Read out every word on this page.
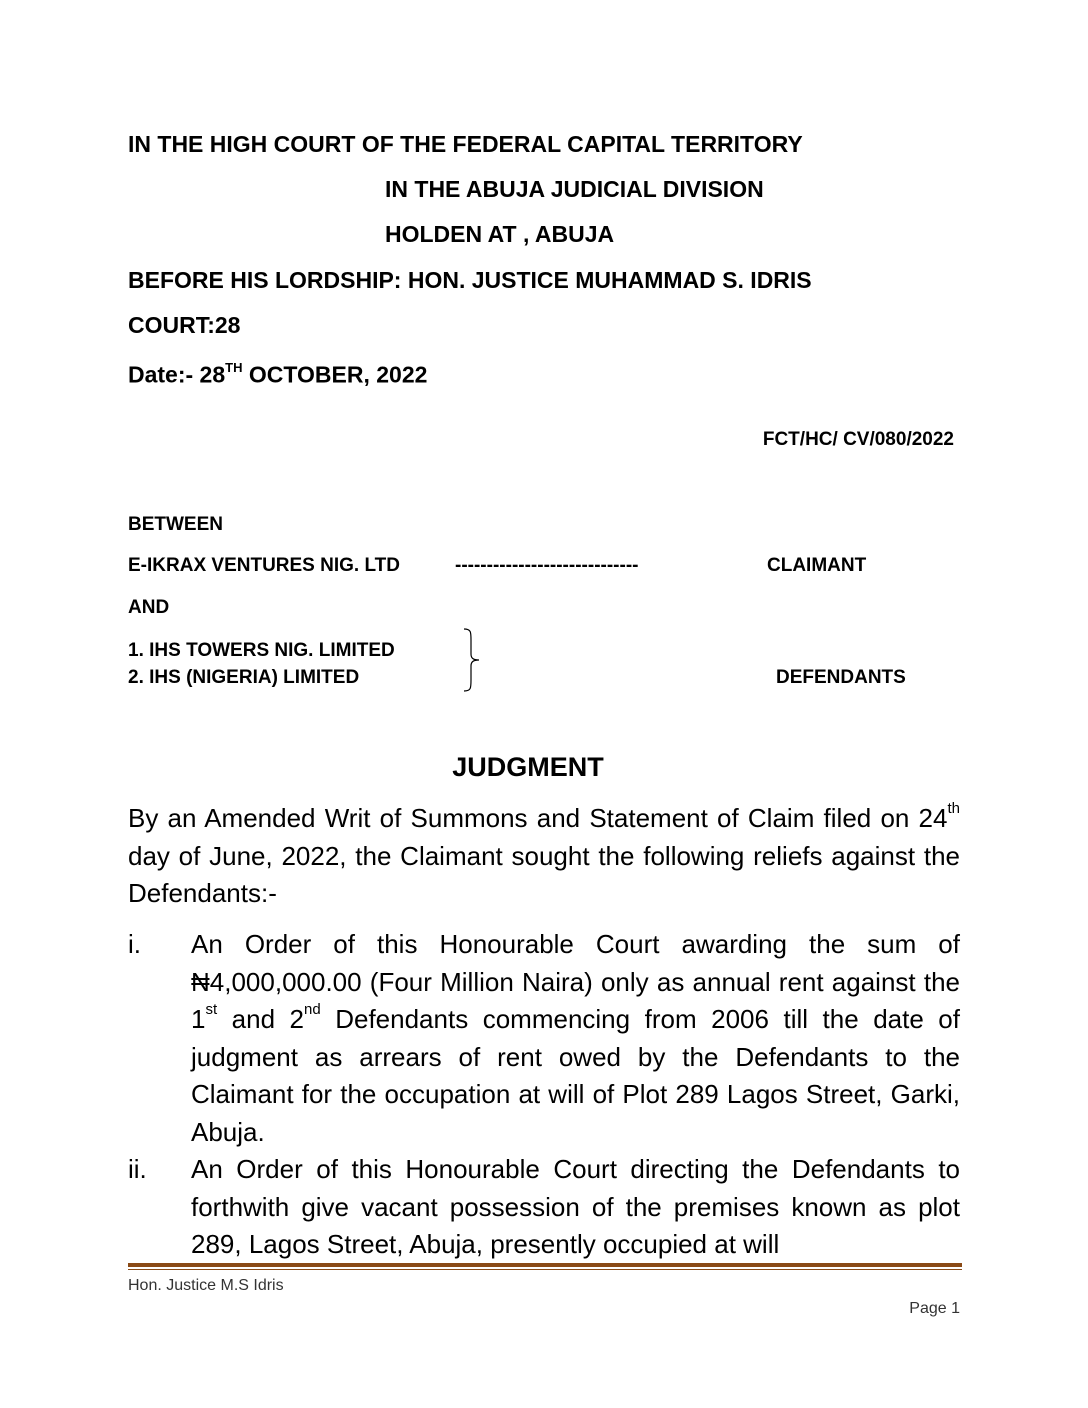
IN THE HIGH COURT OF THE FEDERAL CAPITAL TERRITORY
IN THE ABUJA JUDICIAL DIVISION
HOLDEN AT , ABUJA
BEFORE HIS LORDSHIP: HON. JUSTICE MUHAMMAD S. IDRIS
COURT:28
Date:- 28TH OCTOBER, 2022
FCT/HC/ CV/080/2022
BETWEEN
E-IKRAX VENTURES NIG. LTD	-----------------------------	CLAIMANT
AND
1. IHS TOWERS NIG. LIMITED
2. IHS (NIGERIA) LIMITED	DEFENDANTS
JUDGMENT

By an Amended Writ of Summons and Statement of Claim filed on 24th day of June, 2022, the Claimant sought the following reliefs against the Defendants:-

i. An Order of this Honourable Court awarding the sum of ₦4,000,000.00 (Four Million Naira) only as annual rent against the 1st and 2nd Defendants commencing from 2006 till the date of judgment as arrears of rent owed by the Defendants to the Claimant for the occupation at will of Plot 289 Lagos Street, Garki, Abuja.
ii. An Order of this Honourable Court directing the Defendants to forthwith give vacant possession of the premises known as plot 289, Lagos Street, Abuja, presently occupied at will
Hon. Justice M.S Idris
Page 1
